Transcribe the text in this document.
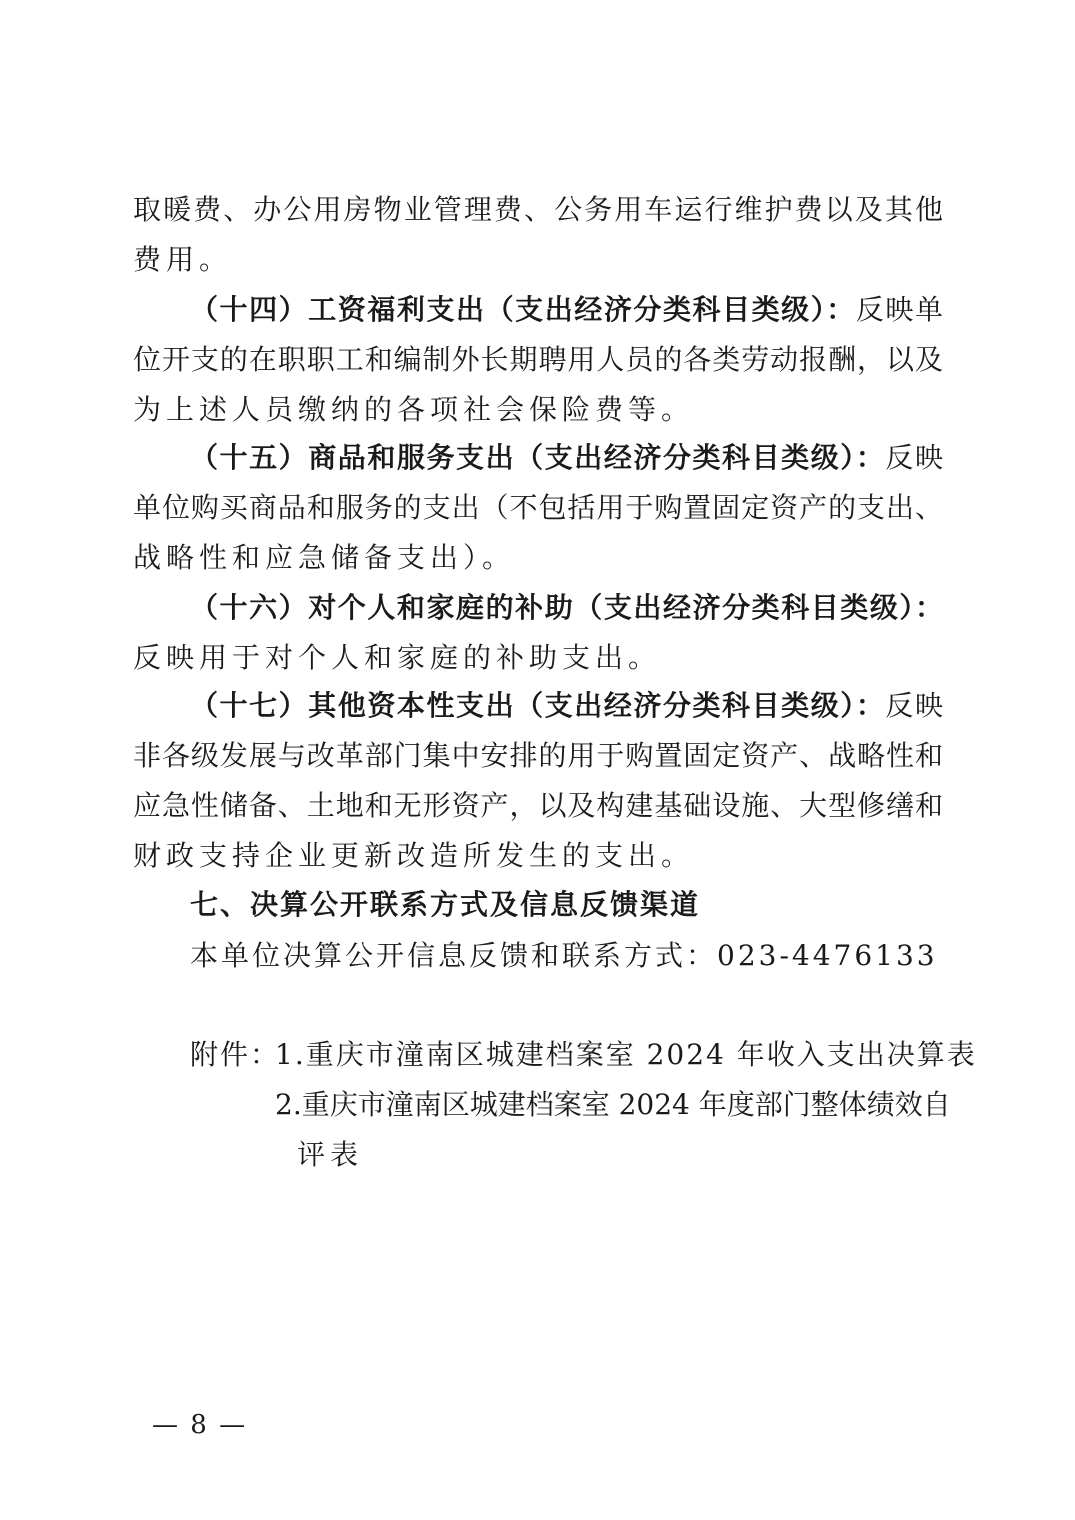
取暖费、办公用房物业管理费、公务用车运行维护费以及其他
费用。
（十四）工资福利支出（支出经济分类科目类级）：反映单
位开支的在职职工和编制外长期聘用人员的各类劳动报酬，以及
为上述人员缴纳的各项社会保险费等。
（十五）商品和服务支出（支出经济分类科目类级）：反映
单位购买商品和服务的支出（不包括用于购置固定资产的支出、
战略性和应急储备支出）。
（十六）对个人和家庭的补助（支出经济分类科目类级）：
反映用于对个人和家庭的补助支出。
（十七）其他资本性支出（支出经济分类科目类级）：反映
非各级发展与改革部门集中安排的用于购置固定资产、战略性和
应急性储备、土地和无形资产，以及构建基础设施、大型修缮和
财政支持企业更新改造所发生的支出。
七、决算公开联系方式及信息反馈渠道
本单位决算公开信息反馈和联系方式：023-4476133
附件：
1.重庆市潼南区城建档案室 2024 年收入支出决算表
2.重庆市潼南区城建档案室 2024 年度部门整体绩效自
评表
— 8 —
